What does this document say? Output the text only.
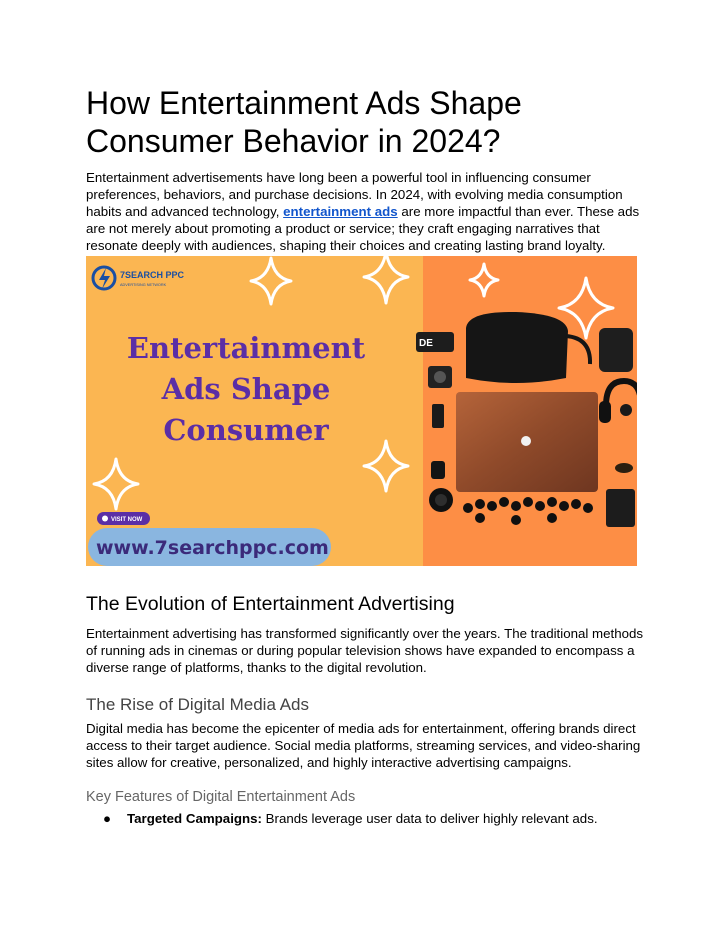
How Entertainment Ads Shape Consumer Behavior in 2024?

Entertainment advertisements have long been a powerful tool in influencing consumer preferences, behaviors, and purchase decisions. In 2024, with evolving media consumption habits and advanced technology, entertainment ads are more impactful than ever. These ads are not merely about promoting a product or service; they craft engaging narratives that resonate deeply with audiences, shaping their choices and creating lasting brand loyalty.

7SEARCH PPC
ADVERTISING NETWORK
Entertainment
Ads Shape
Consumer
VISIT NOW
www.7searchppc.com
DE
The Evolution of Entertainment Advertising

Entertainment advertising has transformed significantly over the years. The traditional methods of running ads in cinemas or during popular television shows have expanded to encompass a diverse range of platforms, thanks to the digital revolution.

The Rise of Digital Media Ads

Digital media has become the epicenter of media ads for entertainment, offering brands direct access to their target audience. Social media platforms, streaming services, and video-sharing sites allow for creative, personalized, and highly interactive advertising campaigns.

Key Features of Digital Entertainment Ads
● Targeted Campaigns: Brands leverage user data to deliver highly relevant ads.
